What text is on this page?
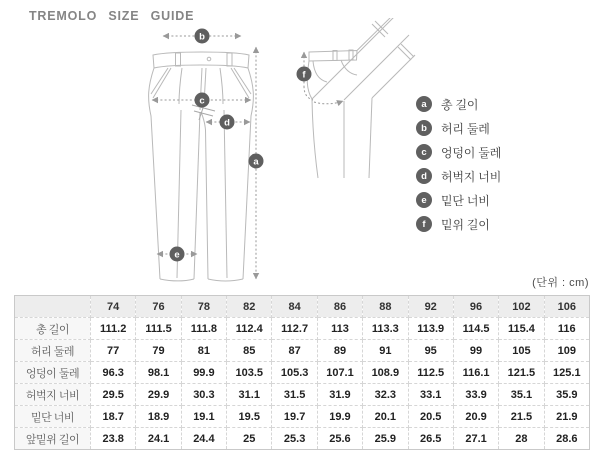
TREMOLO SIZE GUIDE
b
c
d
a
e
f
a	총 길이
b	허리 둘레
c	엉덩이 둘레
d	허벅지 너비
e	밑단 너비
f	밑위 길이
(단위 : cm)
	74	76	78	82	84	86	88	92	96	102	106
총 길이	111.2	111.5	111.8	112.4	112.7	113	113.3	113.9	114.5	115.4	116
허리 둘레	77	79	81	85	87	89	91	95	99	105	109
엉덩이 둘레	96.3	98.1	99.9	103.5	105.3	107.1	108.9	112.5	116.1	121.5	125.1
허벅지 너비	29.5	29.9	30.3	31.1	31.5	31.9	32.3	33.1	33.9	35.1	35.9
밑단 너비	18.7	18.9	19.1	19.5	19.7	19.9	20.1	20.5	20.9	21.5	21.9
앞밑위 길이	23.8	24.1	24.4	25	25.3	25.6	25.9	26.5	27.1	28	28.6
